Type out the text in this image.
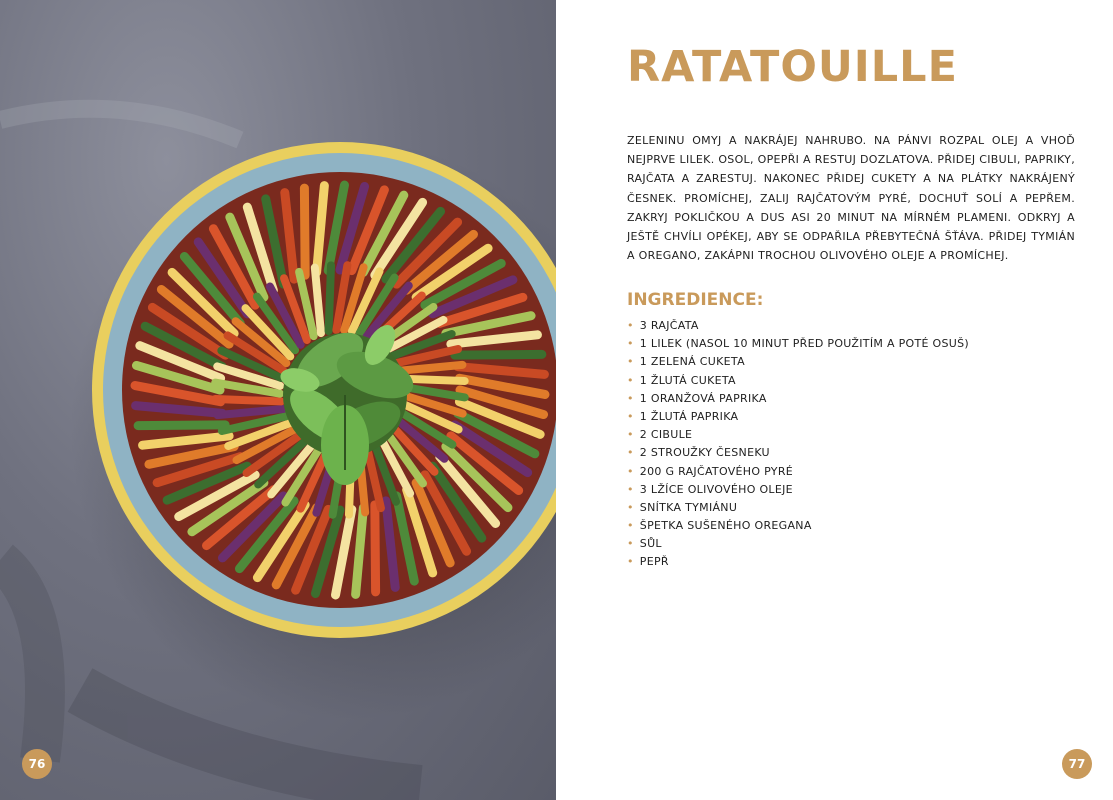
76
RATATOUILLE

ZELENINU OMYJ A NAKRÁJEJ NAHRUBO. NA PÁNVI ROZPAL OLEJ A VHOĎ NEJPRVE LILEK. OSOL, OPEPŘI A RESTUJ DOZLATOVA. PŘIDEJ CIBULI, PAPRIKY, RAJČATA A ZARESTUJ. NAKONEC PŘIDEJ CUKETY A NA PLÁTKY NAKRÁJENÝ ČESNEK. PROMÍCHEJ, ZALIJ RAJČATOVÝM PYRÉ, DOCHUŤ SOLÍ A PEPŘEM. ZAKRYJ POKLIČKOU A DUS ASI 20 MINUT NA MÍRNÉM PLAMENI. ODKRYJ A JEŠTĚ CHVÍLI OPÉKEJ, ABY SE ODPAŘILA PŘEBYTEČNÁ ŠŤÁVA. PŘIDEJ TYMIÁN A OREGANO, ZAKÁPNI TROCHOU OLIVOVÉHO OLEJE A PROMÍCHEJ.

INGREDIENCE:
• 3 RAJČATA
• 1 LILEK (NASOL 10 MINUT PŘED POUŽITÍM A POTÉ OSUŠ)
• 1 ZELENÁ CUKETA
• 1 ŽLUTÁ CUKETA
• 1 ORANŽOVÁ PAPRIKA
• 1 ŽLUTÁ PAPRIKA
• 2 CIBULE
• 2 STROUŽKY ČESNEKU
• 200 G RAJČATOVÉHO PYRÉ
• 3 LŽÍCE OLIVOVÉHO OLEJE
• SNÍTKA TYMIÁNU
• ŠPETKA SUŠENÉHO OREGANA
• SŮL
• PEPŘ
77
